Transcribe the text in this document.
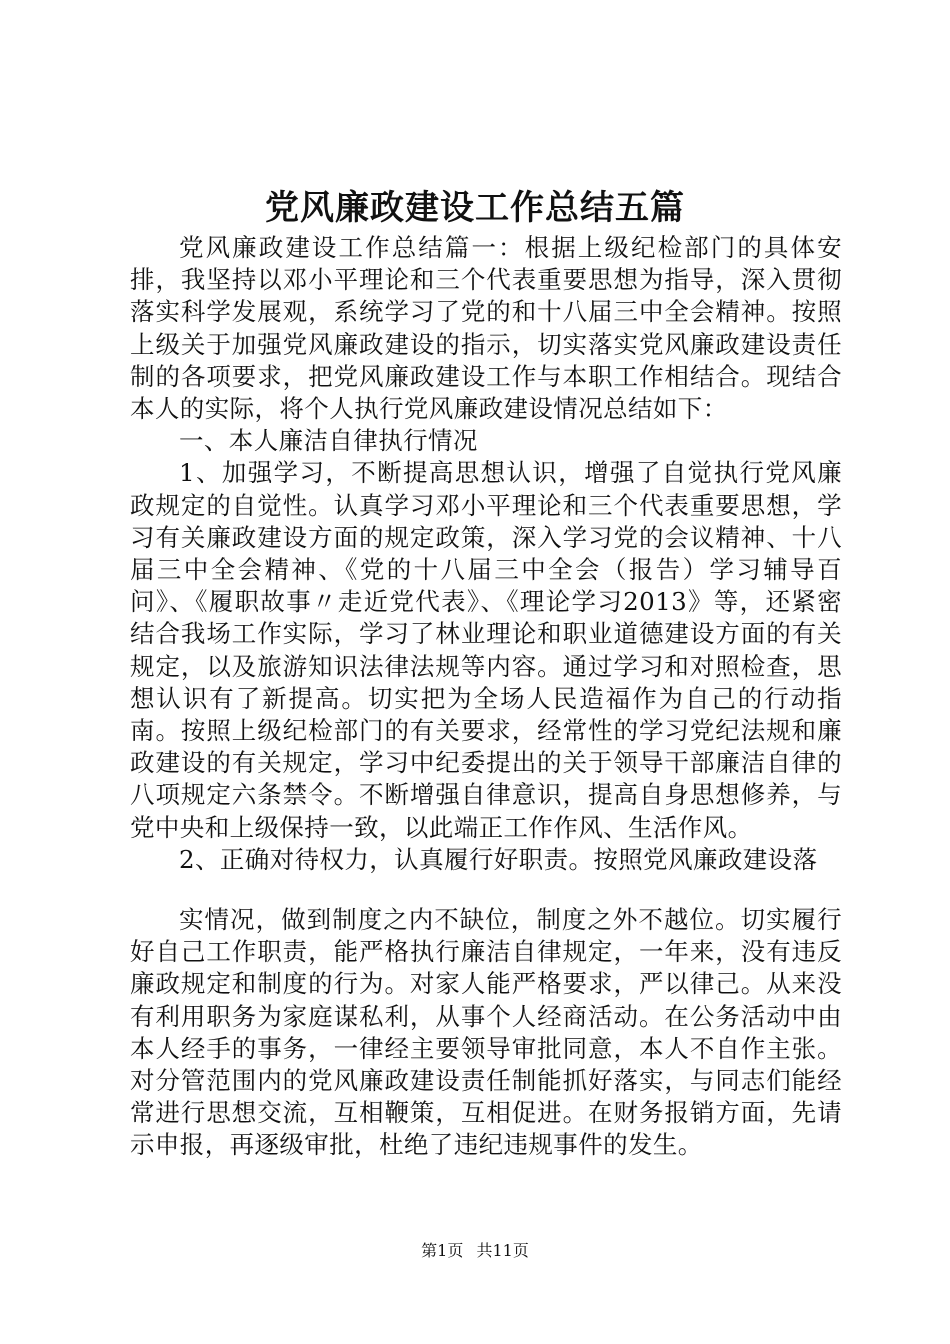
党风廉政建设工作总结五篇

党风廉政建设工作总结篇一：根据上级纪检部门的具体安排，我坚持以邓小平理论和三个代表重要思想为指导，深入贯彻落实科学发展观，系统学习了党的和十八届三中全会精神。按照上级关于加强党风廉政建设的指示，切实落实党风廉政建设责任制的各项要求，把党风廉政建设工作与本职工作相结合。现结合本人的实际，将个人执行党风廉政建设情况总结如下：

一、本人廉洁自律执行情况

1、加强学习，不断提高思想认识，增强了自觉执行党风廉政规定的自觉性。认真学习邓小平理论和三个代表重要思想，学习有关廉政建设方面的规定政策，深入学习党的会议精神、十八届三中全会精神、《党的十八届三中全会（报告）学习辅导百问》、《履职故事〃走近党代表》、《理论学习2013》等，还紧密结合我场工作实际，学习了林业理论和职业道德建设方面的有关规定，以及旅游知识法律法规等内容。通过学习和对照检查，思想认识有了新提高。切实把为全场人民造福作为自己的行动指南。按照上级纪检部门的有关要求，经常性的学习党纪法规和廉政建设的有关规定，学习中纪委提出的关于领导干部廉洁自律的八项规定六条禁令。不断增强自律意识，提高自身思想修养，与党中央和上级保持一致，以此端正工作作风、生活作风。

2、正确对待权力，认真履行好职责。按照党风廉政建设落

实情况，做到制度之内不缺位，制度之外不越位。切实履行好自己工作职责，能严格执行廉洁自律规定，一年来，没有违反廉政规定和制度的行为。对家人能严格要求，严以律己。从来没有利用职务为家庭谋私利，从事个人经商活动。在公务活动中由本人经手的事务，一律经主要领导审批同意，本人不自作主张。对分管范围内的党风廉政建设责任制能抓好落实，与同志们能经常进行思想交流，互相鞭策，互相促进。在财务报销方面，先请示申报，再逐级审批，杜绝了违纪违规事件的发生。

第1页 共11页
